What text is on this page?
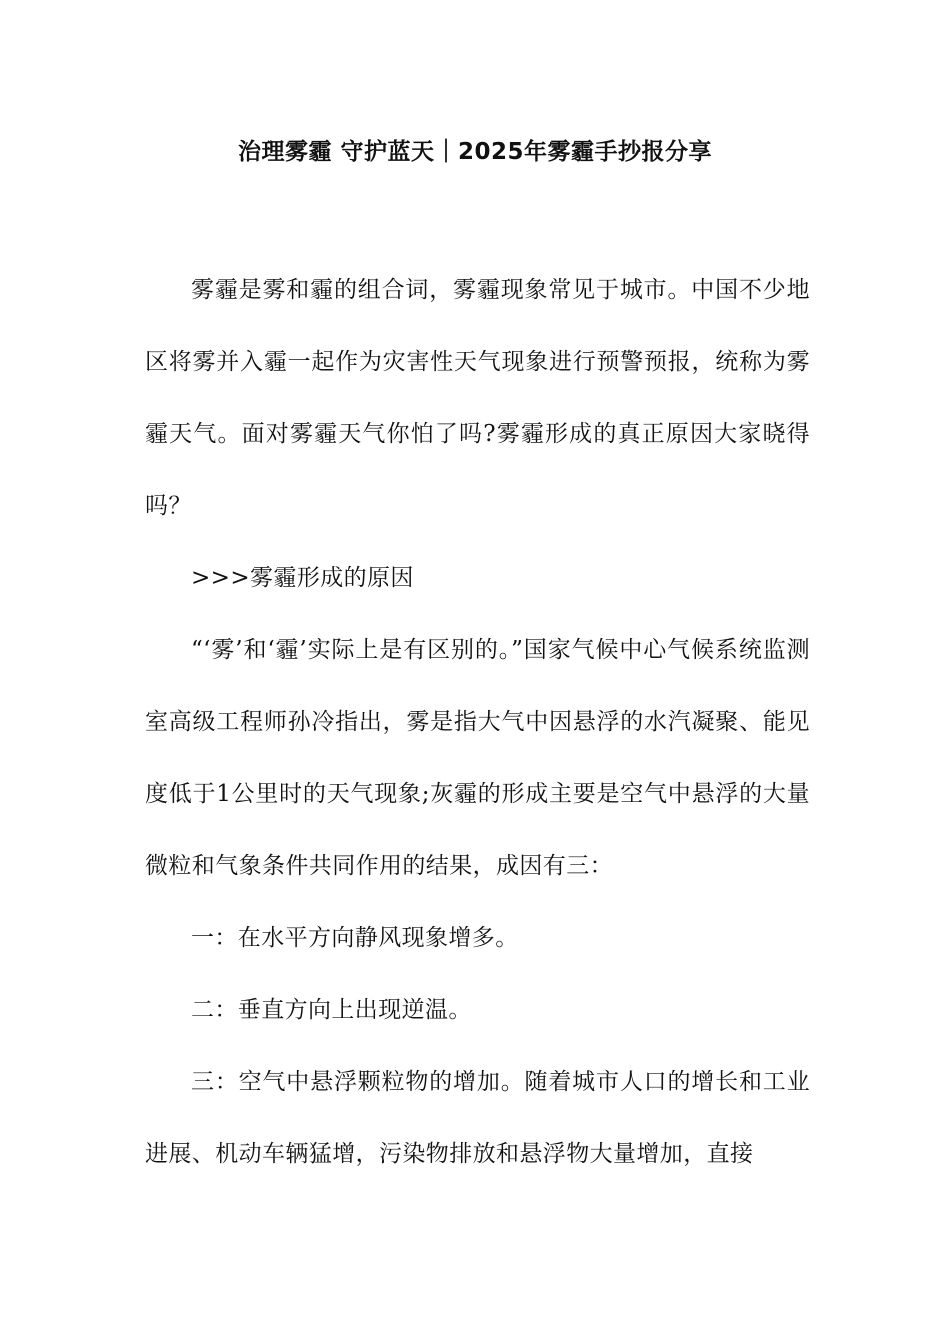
治理雾霾 守护蓝天｜2025年雾霾手抄报分享

雾霾是雾和霾的组合词，雾霾现象常见于城市。中国不少地区将雾并入霾一起作为灾害性天气现象进行预警预报，统称为雾霾天气。面对雾霾天气你怕了吗?雾霾形成的真正原因大家晓得吗？

>>>雾霾形成的原因

“‘雾’和‘霾’实际上是有区别的。”国家气候中心气候系统监测室高级工程师孙冷指出，雾是指大气中因悬浮的水汽凝聚、能见度低于1公里时的天气现象;灰霾的形成主要是空气中悬浮的大量微粒和气象条件共同作用的结果，成因有三：

一：在水平方向静风现象增多。

二：垂直方向上出现逆温。

三：空气中悬浮颗粒物的增加。随着城市人口的增长和工业进展、机动车辆猛增，污染物排放和悬浮物大量增加，直接
